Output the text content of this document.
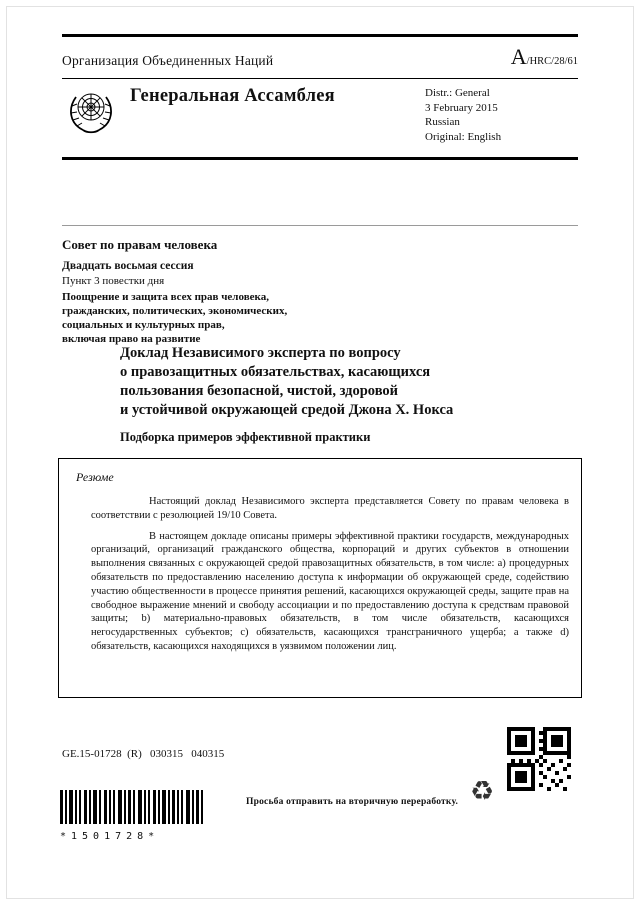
Организация Объединенных Наций	A/HRC/28/61
Генеральная Ассамблея	Distr.: General
3 February 2015
Russian
Original: English
Совет по правам человека
Двадцать восьмая сессия
Пункт 3 повестки дня
Поощрение и защита всех прав человека,
гражданских, политических, экономических,
социальных и культурных прав,
включая право на развитие
Доклад Независимого эксперта по вопросу
о правозащитных обязательствах, касающихся
пользования безопасной, чистой, здоровой
и устойчивой окружающей средой Джона Х. Нокса
Подборка примеров эффективной практики
Резюме

Настоящий доклад Независимого эксперта представляется Совету по правам человека в соответствии с резолюцией 19/10 Совета.

В настоящем докладе описаны примеры эффективной практики государств, международных организаций, организаций гражданского общества, корпораций и других субъектов в отношении выполнения связанных с окружающей средой правозащитных обязательств, в том числе: a) процедурных обязательств по предоставлению населению доступа к информации об окружающей среде, содействию участию общественности в процессе принятия решений, касающихся окружающей среды, защите прав на свободное выражение мнений и свободу ассоциации и по предоставлению доступа к средствам правовой защиты; b) материально-правовых обязательств, в том числе обязательств, касающихся негосударственных субъектов; c) обязательств, касающихся трансграничного ущерба; а также d) обязательств, касающихся находящихся в уязвимом положении лиц.

GE.15-01728  (R)   030315   040315
*1501728*
Просьба отправить на вторичную переработку. ♻
